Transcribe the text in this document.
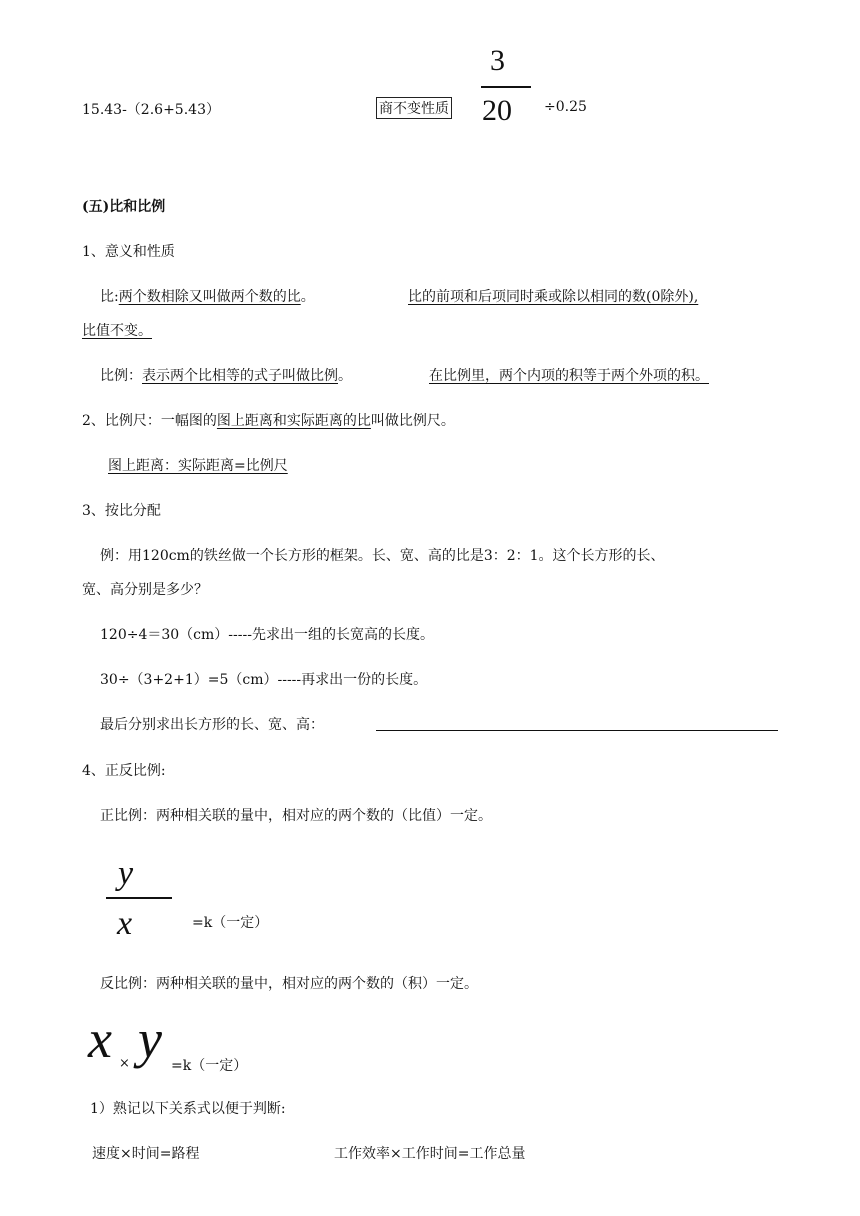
15.43-（2.6+5.43）	商不变性质
3
20 ÷0.25
(五)比和比例
1、意义和性质
比:两个数相除又叫做两个数的比。	比的前项和后项同时乘或除以相同的数(0除外),
比值不变。
比例：表示两个比相等的式子叫做比例。	在比例里，两个内项的积等于两个外项的积。
2、比例尺：一幅图的图上距离和实际距离的比叫做比例尺。
图上距离：实际距离=比例尺
3、按比分配
例：用120cm的铁丝做一个长方形的框架。长、宽、高的比是3：2：1。这个长方形的长、
宽、高分别是多少？
120÷4＝30（cm）-----先求出一组的长宽高的长度。
30÷（3+2+1）=5（cm）-----再求出一份的长度。
最后分别求出长方形的长、宽、高：
4、正反比例:
正比例：两种相关联的量中，相对应的两个数的（比值）一定。
y
x	=k（一定）
反比例：两种相关联的量中，相对应的两个数的（积）一定。
x × y =k（一定）
1）熟记以下关系式以便于判断:
速度×时间=路程	工作效率×工作时间=工作总量
